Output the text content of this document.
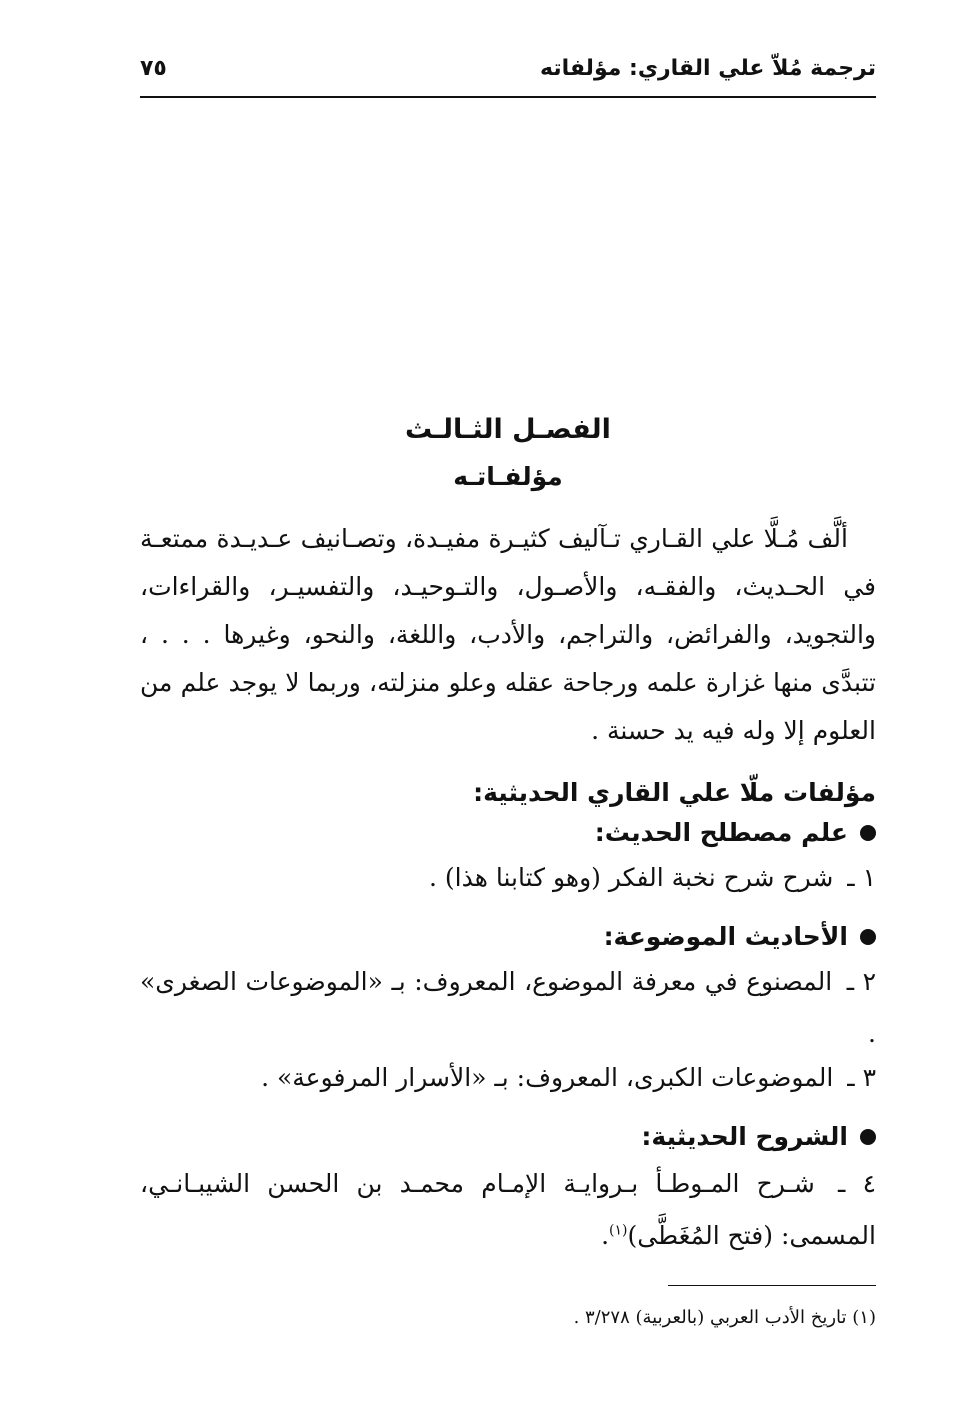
ترجمة مُلاّ علي القاري: مؤلفاته
٧٥
الفصـل الثـالـث
مؤلفـاتـه

ألَّف مُـلَّا علي القـاري تـآليف كثيـرة مفيـدة، وتصـانيف عـديـدة ممتعـة في الحـديث، والفقـه، والأصـول، والتـوحيـد، والتفسيـر، والقراءات، والتجويد، والفرائض، والتراجم، والأدب، واللغة، والنحو، وغيرها . . . ، تتبدَّى منها غزارة علمه ورجاحة عقله وعلو منزلته، وربما لا يوجد علم من العلوم إلا وله فيه يد حسنة .

مؤلفات ملّا علي القاري الحديثية:
علم مصطلح الحديث:
١ ـ شرح شرح نخبة الفكر (وهو كتابنا هذا) .
الأحاديث الموضوعة:
٢ ـ المصنوع في معرفة الموضوع، المعروف: بـ «الموضوعات الصغرى» .
٣ ـ الموضوعات الكبرى، المعروف: بـ «الأسرار المرفوعة» .
الشروح الحديثية:
٤ ـ شـرح المـوطـأ بـروايـة الإمـام محمـد بن الحسن الشيبـانـي، المسمى: (فتح المُغَطَّى)$^{(١)}$.
(١) تاريخ الأدب العربي (بالعربية) ٣/٢٧٨ .
